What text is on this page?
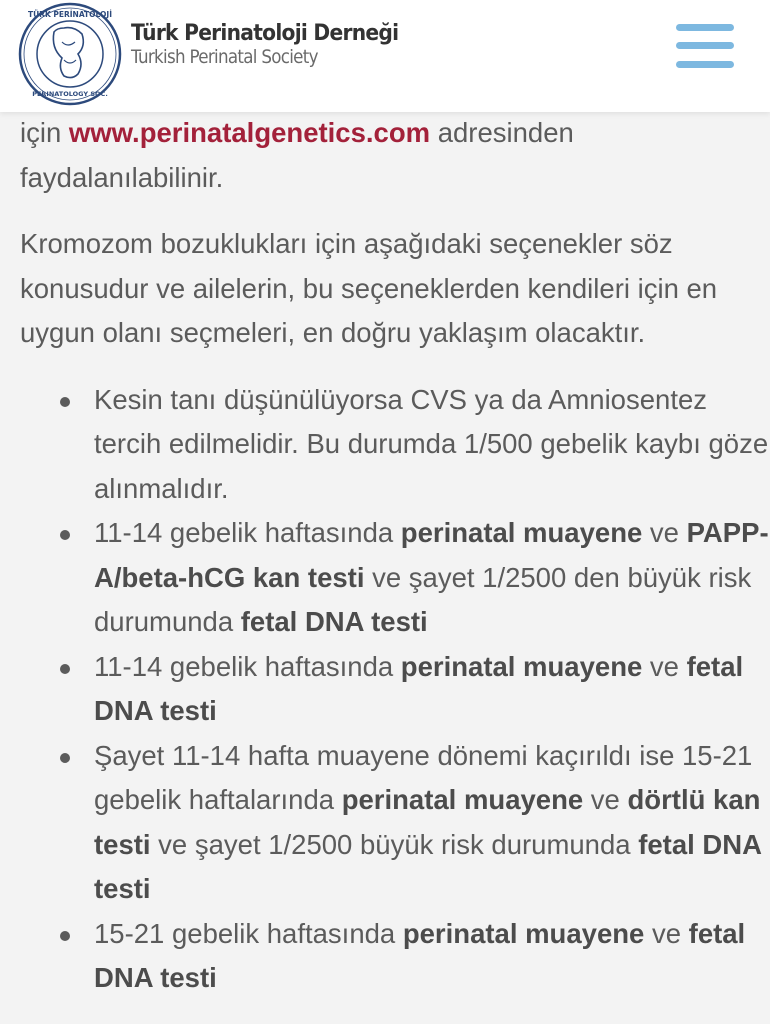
TÜRK PERİNATOLOJİ
PERINATOLOGY SOC.
Türk Perinatoloji Derneği
Turkish Perinatal Society

için www.perinatalgenetics.com adresinden faydalanılabilinir.

Kromozom bozuklukları için aşağıdaki seçenekler söz konusudur ve ailelerin, bu seçeneklerden kendileri için en uygun olanı seçmeleri, en doğru yaklaşım olacaktır.

Kesin tanı düşünülüyorsa CVS ya da Amniosentez tercih edilmelidir. Bu durumda 1/500 gebelik kaybı göze alınmalıdır.
11-14 gebelik haftasında perinatal muayene ve PAPP-A/beta-hCG kan testi ve şayet 1/2500 den büyük risk durumunda fetal DNA testi
11-14 gebelik haftasında perinatal muayene ve fetal DNA testi
Şayet 11-14 hafta muayene dönemi kaçırıldı ise 15-21 gebelik haftalarında perinatal muayene ve dörtlü kan testi ve şayet 1/2500 büyük risk durumunda fetal DNA testi
15-21 gebelik haftasında perinatal muayene ve fetal DNA testi
